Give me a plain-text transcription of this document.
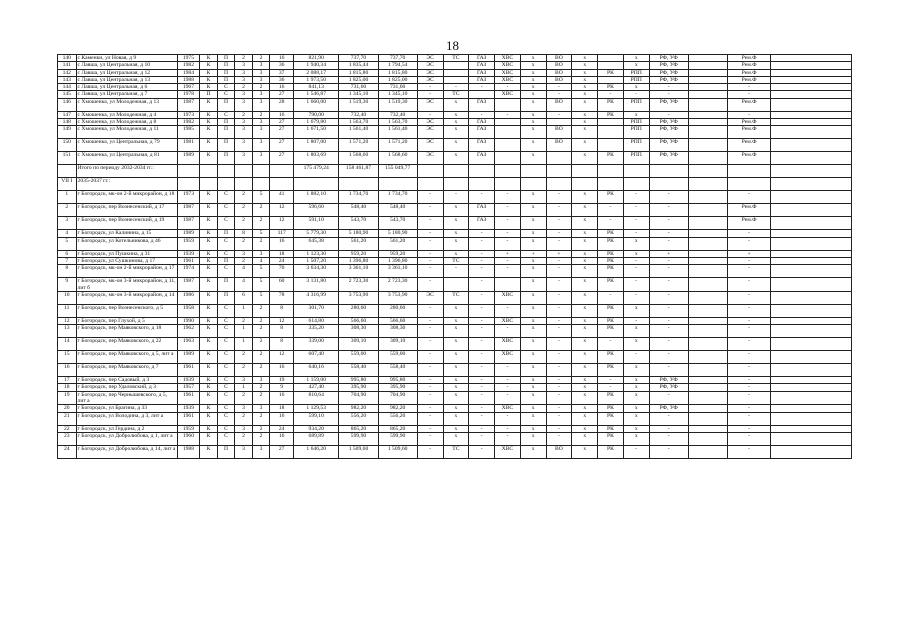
18
140	с Каменки, ул Новая, д 9	1975	К	П	2	2	16	821,90	737,70	737,70	ЭС	ТС	ГАЗ	ХВС	х	ВО	х		х	РФ, УФ		Рем.Ф	
141	с Лавша, ул Центральная, д 10	1982	К	П	3	3	36	1 940,34	1 835,44	1 794,54	ЭС		ГАЗ	ХВС	х	ВО	х		х	РФ, УФ		Рем.Ф	
142	с Лавша, ул Центральная, д 12	1984	К	П	3	3	37	2 088,17	1 815,80	1 815,80	ЭС		ГАЗ	ХВС	х	ВО	х	РК	РПП	РФ, УФ		Рем.Ф	
143	с Лавша, ул Центральная, д 13	1988	К	П	3	3	36	1 973,50	1 825,00	1 825,00	ЭС		ГАЗ	ХВС	х	ВО	х		РПП	РФ, УФ		Рем.Ф	
144	с Лавша, ул Центральная, д 6	1967	К	С	2	2	16	841,13	731,60	731,60	-	-	-	-	х	-	х	РК	х	-		-	
145	с Лавша, ул Центральная, д 7	1978	П	С	3	3	27	1 546,87	1 345,10	1 345,10	-	ТС		ХВС	х	-	х	-	-	-		-	
146	с Хмошенка, ул Молодежная, д 13	1987	К	П	3	3	28	1 660,00	1 519,30	1 519,30	ЭС	х	ГАЗ		х	ВО	х	РК	РПП	РФ, УФ		Рем.Ф	
147	с Хмошенка, ул Молодежная, д 4	1973	К	С	2	2	16	790,00	732,40	732,40	-	х	-	-	х	-	х	РК	х	-		-	
148	с Хмошенка, ул Молодежная, д 8	1982	К	П	3	3	27	1 679,80	1 563,70	1 563,70	ЭС	х	ГАЗ		х		х		РПП	РФ, УФ		Рем.Ф	
149	с Хмошенка, ул Молодежная, д 11	1985	К	П	3	3	27	1 671,50	1 561,40	1 561,40	ЭС	х	ГАЗ		х	ВО	х		РПП	РФ, УФ		Рем.Ф	
150	с Хмошенка, ул Центральная, д 79	1981	К	П	3	3	27	1 807,00	1 571,20	1 571,20	ЭС	х	ГАЗ		х	ВО	х		РПП	РФ, УФ		Рем.Ф	
151	с Хмошенка, ул Центральная, д 81	1989	К	П	3	3	27	1 803,69	1 568,60	1 568,60	ЭС	х	ГАЗ		х		х	РК	РПП	РФ, УФ		Рем.Ф	
	Итого по периоду 2032-2034 гг.:							175 479,24	158 461,87	155 049,77													
VII I	2035-2037 гг.:																						
1	г Богородск, мк-он 2-й микрорайон, д 18	1973	К	С	2	5	41	1 882,10	1 734,70	1 734,70	-	-	-	-	х	-	х	РК	-	-		-	
2	г Богородск, пер Вознесенский, д 17	1987	К	С	2	2	12	596,60	548,40	548,40	-	х	ГАЗ	-	х	-	х	-	-	-		Рем.Ф	
3	г Богородск, пер Вознесенский, д 19	1987	К	С	2	2	12	591,10	543,70	543,70	-	х	ГАЗ	-	х	-	х	-	-	-		Рем.Ф	
4	г Богородск, ул Калинина, д 15	1989	К	П	8	5	117	5 779,30	5 180,90	5 180,90	-	х	-	-	х	-	х	РК	-	-		-	
5	г Богородск, ул Котельникова, д 46	1959	К	С	2	2	16	645,38	561,20	561,20	-	х	-	-	х	-	х	РК	х	-		-	
6	г Богородск, ул Пушкина, д 31	1939	К	С	3	3	18	1 123,30	959,20	959,20	-	х	-	+	+	+	х	РК	х	+		+	
7	г Богородск, ул Сушкинова, д 17	1961	К	П	2	4	24	1 507,20	1 396,80	1 396,80	-	ТС	-	-	х	-	х	РК	-	-		-	
8	г Богородск, мк-он 2-й микрорайон, д 17	1974	К	С	4	5	70	3 634,30	3 361,10	3 361,10	-	-	-	-	х	-	х	РК	-	-		-	
9	г Богородск, мк-он 3-й микрорайон, д 11, лит б	1987	К	П	4	5	60	3 131,80	2 723,30	2 723,30	-		-		х	-	х	РК	-	-		-	
10	г Богородск, мк-он 3-й микрорайон, д 14	1986	К	П	6	5	78	4 316,99	3 753,90	3 753,90	ЭС	ТС	-	ХВС	х	-	х	-	-	-		-	
11	г Богородск, пер Вознесенского, д 5	1958	К	С	1	2	8	301,70	280,60	280,60	-	х	-	-	х	-	х	РК	х	-		-	
12	г Богородск, пер Глухой, д 5	1990	К	С	2	2	12	614,80	566,60	566,60	-	х	-	ХВС	х	-	х	РК	-	-		-	
13	г Богородск, пер Маяковского, д 18	1962	К	С	1	2	8	335,20	308,30	308,30	-	х	-	-	х	-	х	РК	х	-		-	
14	г Богородск, пер Маяковского, д 22	1963	К	С	1	2	8	339,00	309,10	309,10	-	х	-	ХВС	х	-	х	-	х	-		-	
15	г Богородск, пер Маяковского, д 5, лит а	1989	К	С	2	2	12	607,40	559,00	559,00	-	х	-	ХВС	х	-	х	РК	-	-		-	
16	г Богородск, пер Маяковского, д 7	1961	К	С	2	2	16	640,16	558,40	558,40	-	х	-	-	х	-	х	РК	х	-		-	
17	г Богородск, пер Садовый, д 3	1939	К	С	3	3	19	1 159,00	995,80	995,80	-	х	-	-	х	-	х	-	х	РФ, УФ		-	
18	г Богородск, пер Удаловский, д 3	1957	К	С	1	2	9	427,40	395,90	395,90	-	х	-	-	х	-	х	-	х	РФ, УФ		-	
19	г Богородск, пер Чернышевского, д 5, лит а	1961	К	С	2	2	16	810,64	704,90	704,90	-	х	-	-	х	-	х	РК	х	-		-	
20	г Богородск, ул Брагина, д 33	1939	К	С	3	3	18	1 129,53	982,20	982,20	-	х	-	ХВС	х	-	х	РК	х	РФ, УФ		-	
21	г Богородск, ул Володина, д 3, лит а	1961	К	С	2	2	16	599,10	556,20	556,20	-	х	-	-	х	-	х	РК	х	-		-	
22	г Богородск, ул Гердина, д 2	1959	К	С	3	2	24	934,20	865,20	865,20	-	х	-	-	х	-	х	РК	х	-		-	
23	г Богородск, ул Добролюбова, д 1, лит а	1960	К	С	2	2	16	689,89	599,90	599,90	-	х	-	-	х	-	х	РК	х	-		-	
24	г Богородск, ул Добролюбова, д 14, лит а	1988	К	П	3	3	27	1 646,20	1 509,60	1 509,60	-	ТС	-	ХВС	х	ВО	х	РК	-	-		-	
